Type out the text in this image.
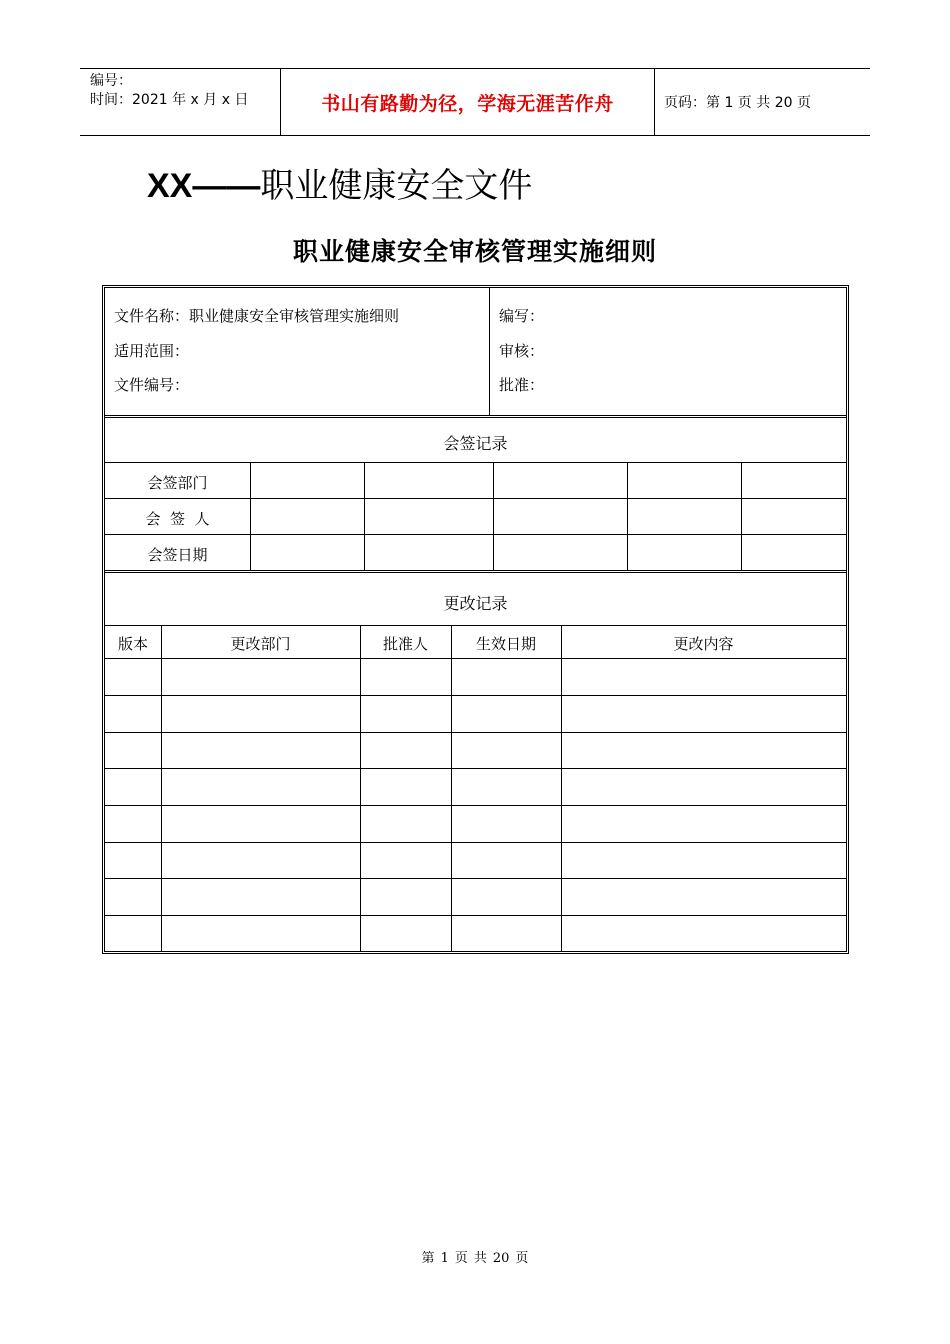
编号：
时间：2021 年 x 月 x 日	书山有路勤为径，学海无涯苦作舟	页码：第 1 页 共 20 页
XX——职业健康安全文件
职业健康安全审核管理实施细则
文件名称：职业健康安全审核管理实施细则
适用范围：
文件编号：
编写：
审核：
批准：
会签记录
会签部门
会  签  人
会签日期
更改记录
版本	更改部门	批准人	生效日期	更改内容
第 1 页 共 20 页
